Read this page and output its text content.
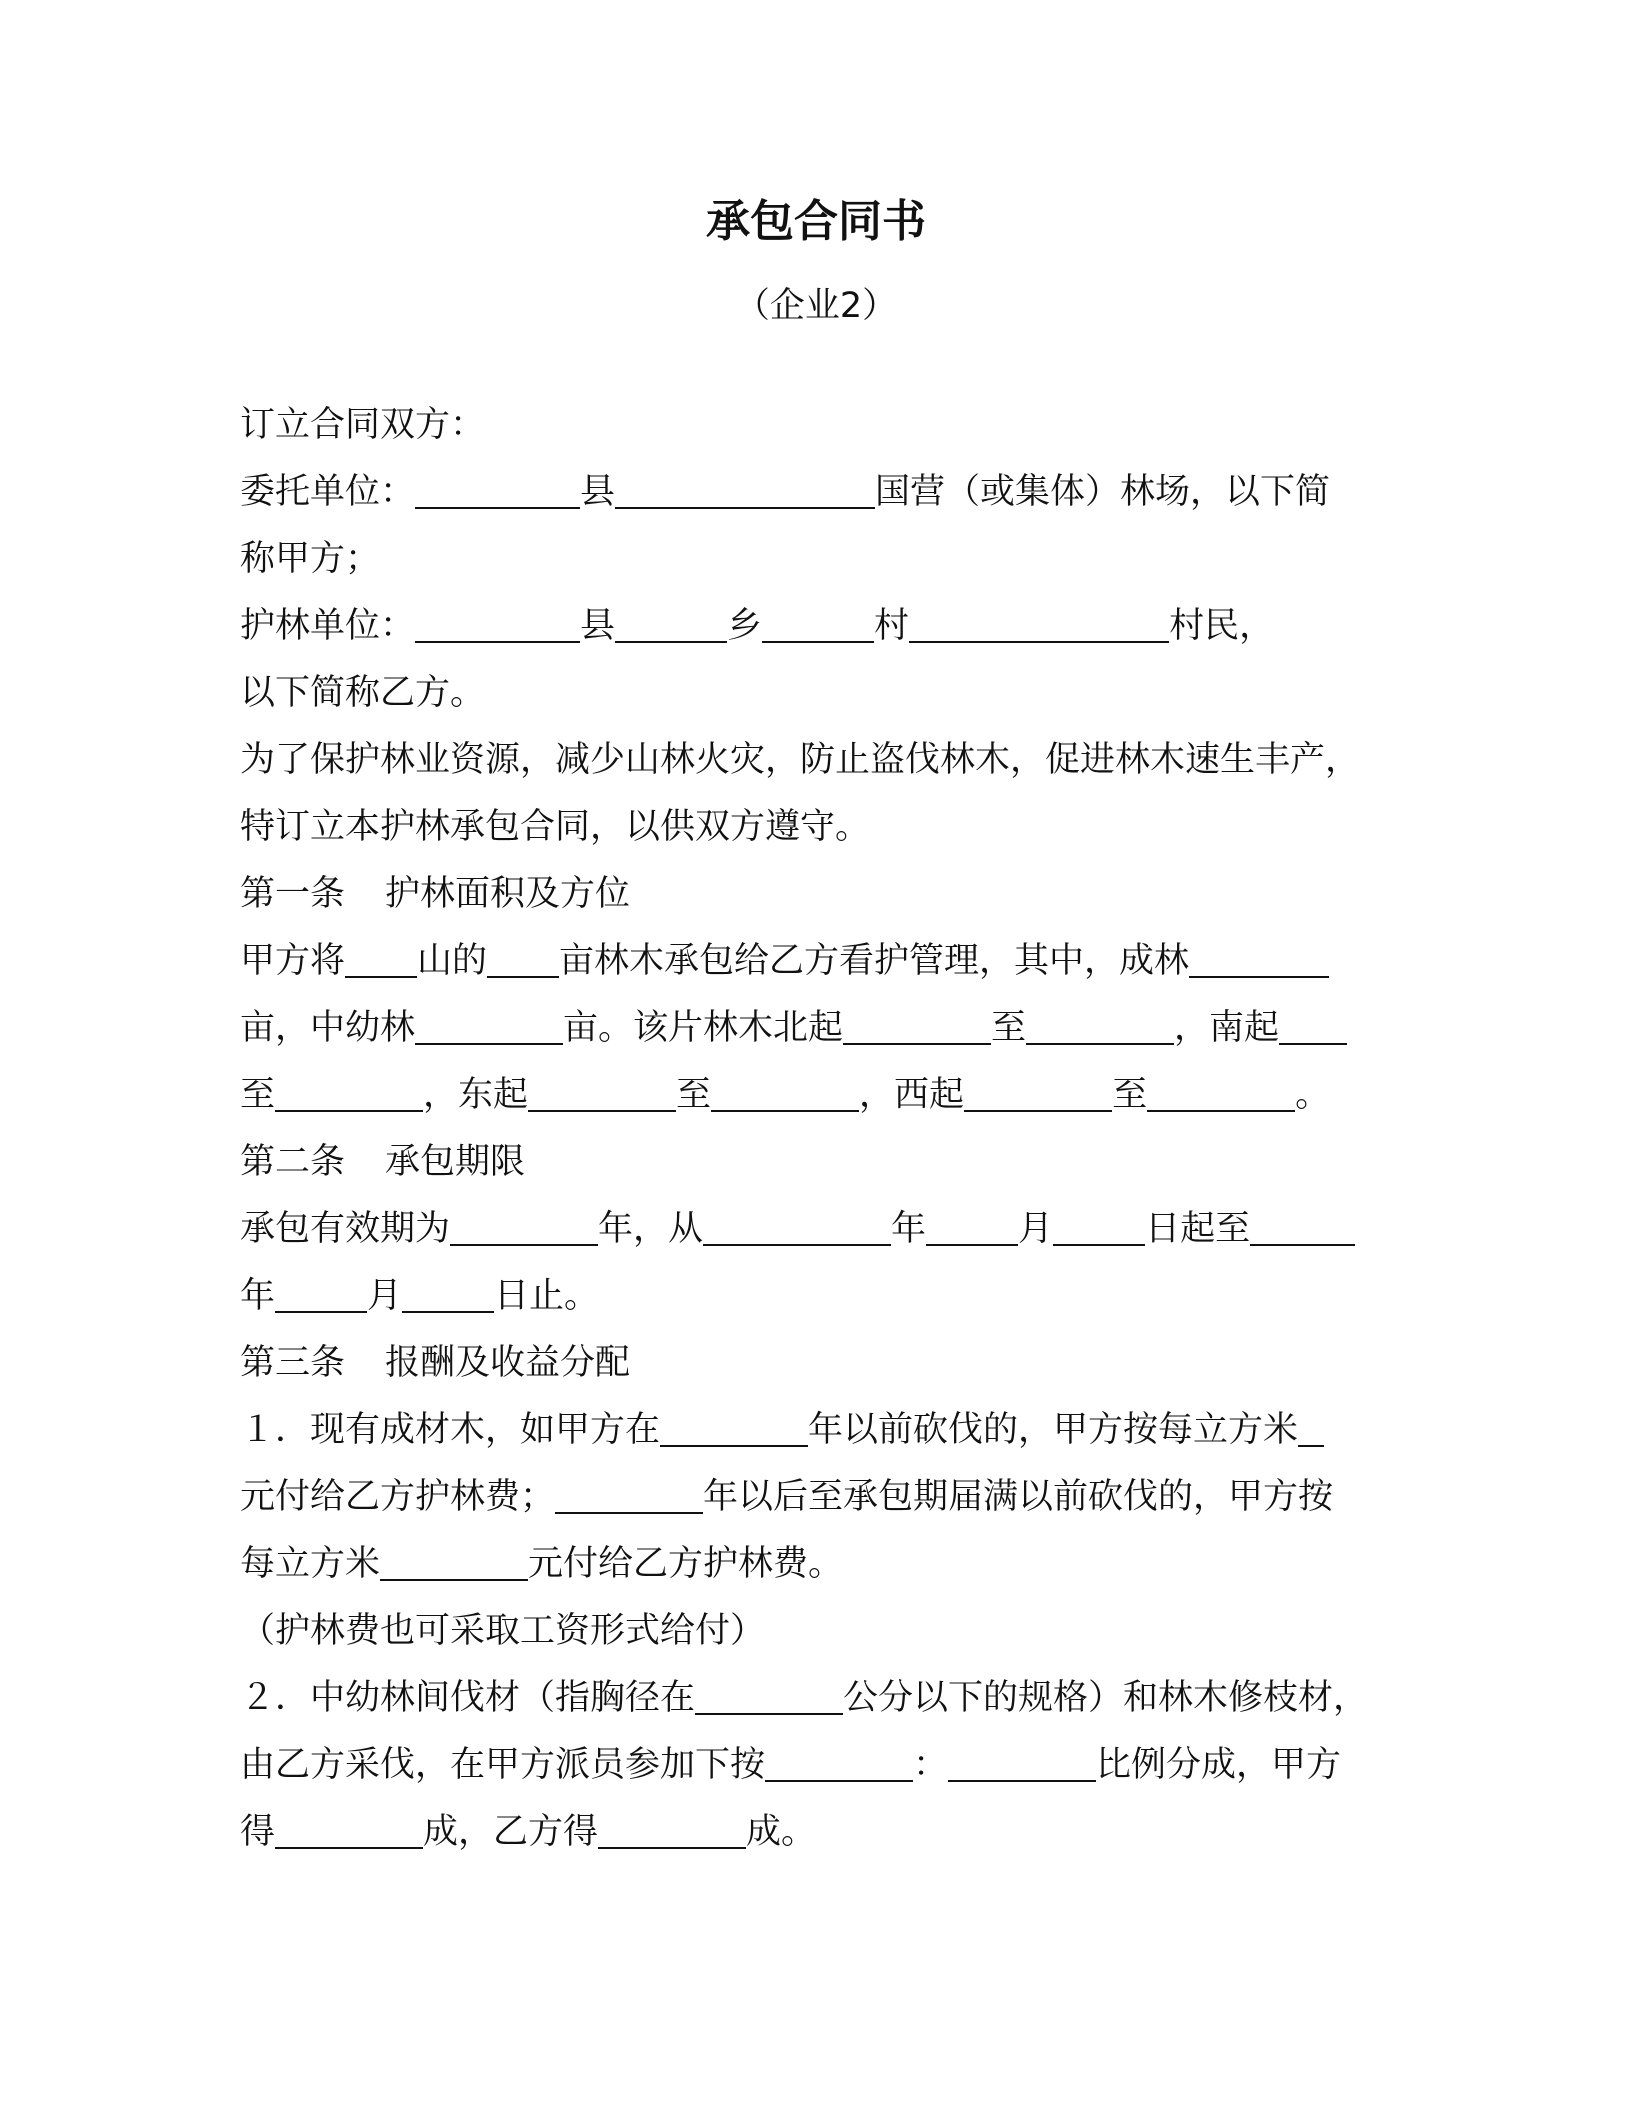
承包合同书
（企业2）
订立合同双方：
委托单位：	县	国营（或集体）林场，以下简
称甲方；
护林单位：	县	乡	村	村民，
以下简称乙方。
为了保护林业资源，减少山林火灾，防止盗伐林木，促进林木速生丰产，
特订立本护林承包合同，以供双方遵守。
第一条 护林面积及方位
甲方将 山的 亩林木承包给乙方看护管理，其中，成林
亩，中幼林	亩。该片林木北起	至	，南起
至	，东起	至	，西起	至	。
第二条 承包期限
承包有效期为	年，从	年	月	日起至
年	月	日止。
第三条 报酬及收益分配
１．现有成材木，如甲方在	年以前砍伐的，甲方按每立方米
元付给乙方护林费；	年以后至承包期届满以前砍伐的，甲方按
每立方米	元付给乙方护林费。
（护林费也可采取工资形式给付）
２．中幼林间伐材（指胸径在	公分以下的规格）和林木修枝材，
由乙方采伐，在甲方派员参加下按	：	比例分成，甲方
得	成，乙方得	成。
